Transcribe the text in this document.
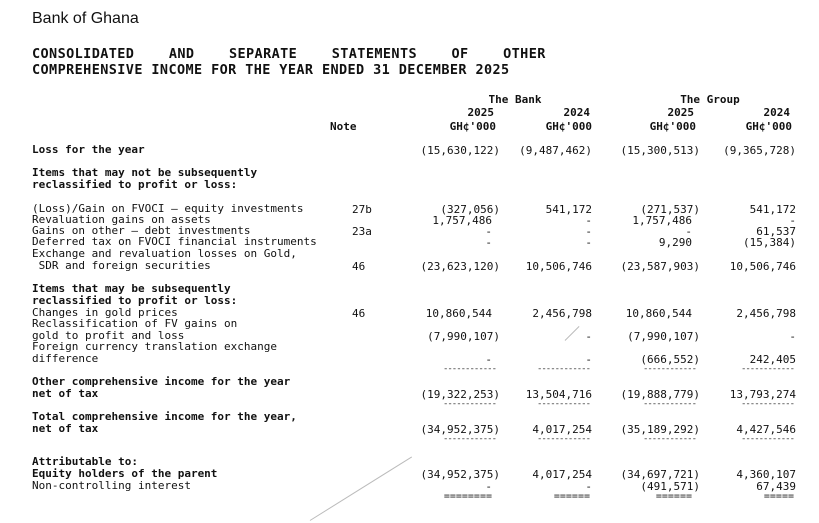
Bank of Ghana
CONSOLIDATED AND SEPARATE STATEMENTS OF OTHER
COMPREHENSIVE INCOME FOR THE YEAR ENDED 31 DECEMBER 2025
The Bank	The Group
2025	2024	2025	2024
Note	GH¢'000	GH¢'000	GH¢'000	GH¢'000
Loss for the year	(15,630,122)	(9,487,462)	(15,300,513)	(9,365,728)
Items that may not be subsequently
reclassified to profit or loss:
(Loss)/Gain on FVOCI – equity investments	27b	(327,056)	541,172	(271,537)	541,172
Revaluation gains on assets	1,757,486	-	1,757,486	-
Gains on other – debt investments	23a	-	-	-	61,537
Deferred tax on FVOCI financial instruments	-	-	9,290	(15,384)
Exchange and revaluation losses on Gold,
SDR and foreign securities	46	(23,623,120)	10,506,746	(23,587,903)	10,506,746
Items that may be subsequently
reclassified to profit or loss:
Changes in gold prices	46	10,860,544	2,456,798	10,860,544	2,456,798
Reclassification of FV gains on
gold to profit and loss	(7,990,107)	-	(7,990,107)	-
Foreign currency translation exchange
difference	-	-	(666,552)	242,405
------------	------------	------------	------------
Other comprehensive income for the year
net of tax	(19,322,253)	13,504,716	(19,888,779)	13,793,274
------------	------------	------------	------------
Total comprehensive income for the year,
net of tax	(34,952,375)	4,017,254	(35,189,292)	4,427,546
------------	------------	------------	------------
Attributable to:
Equity holders of the parent	(34,952,375)	4,017,254	(34,697,721)	4,360,107
Non-controlling interest	-	-	(491,571)	67,439
========	======	======	=====
